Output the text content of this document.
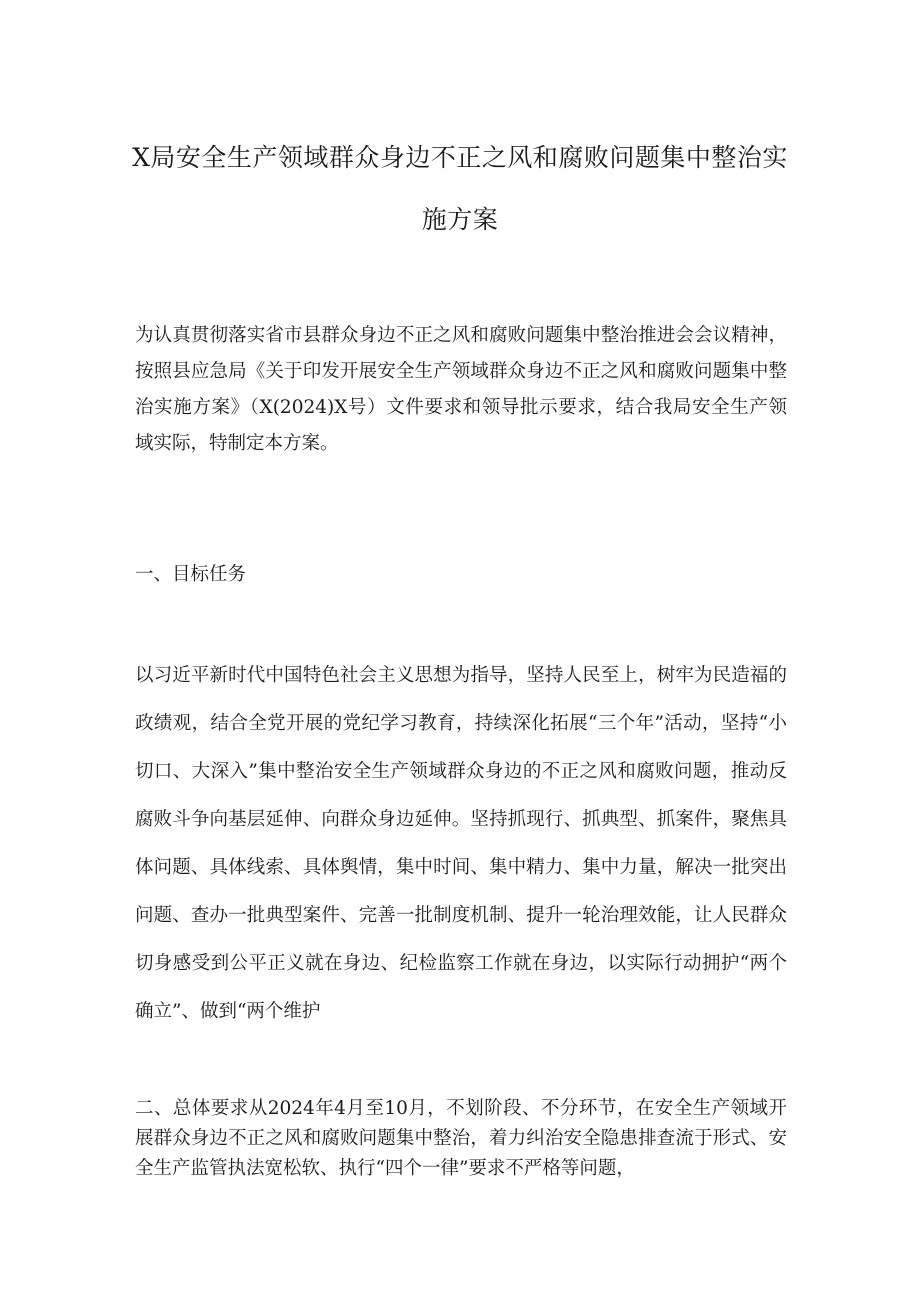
X局安全生产领域群众身边不正之风和腐败问题集中整治实
施方案

为认真贯彻落实省市县群众身边不正之风和腐败问题集中整治推进会会议精神，按照县应急局《关于印发开展安全生产领域群众身边不正之风和腐败问题集中整治实施方案》（X(2024)X号）文件要求和领导批示要求，结合我局安全生产领域实际，特制定本方案。

一、目标任务

以习近平新时代中国特色社会主义思想为指导，坚持人民至上，树牢为民造福的政绩观，结合全党开展的党纪学习教育，持续深化拓展“三个年”活动，坚持“小切口、大深入”集中整治安全生产领域群众身边的不正之风和腐败问题，推动反腐败斗争向基层延伸、向群众身边延伸。坚持抓现行、抓典型、抓案件，聚焦具体问题、具体线索、具体舆情，集中时间、集中精力、集中力量，解决一批突出问题、查办一批典型案件、完善一批制度机制、提升一轮治理效能，让人民群众切身感受到公平正义就在身边、纪检监察工作就在身边，以实际行动拥护“两个确立”、做到“两个维护

二、总体要求从2024年4月至10月，不划阶段、不分环节，在安全生产领域开展群众身边不正之风和腐败问题集中整治，着力纠治安全隐患排查流于形式、安全生产监管执法宽松软、执行“四个一律”要求不严格等问题，
